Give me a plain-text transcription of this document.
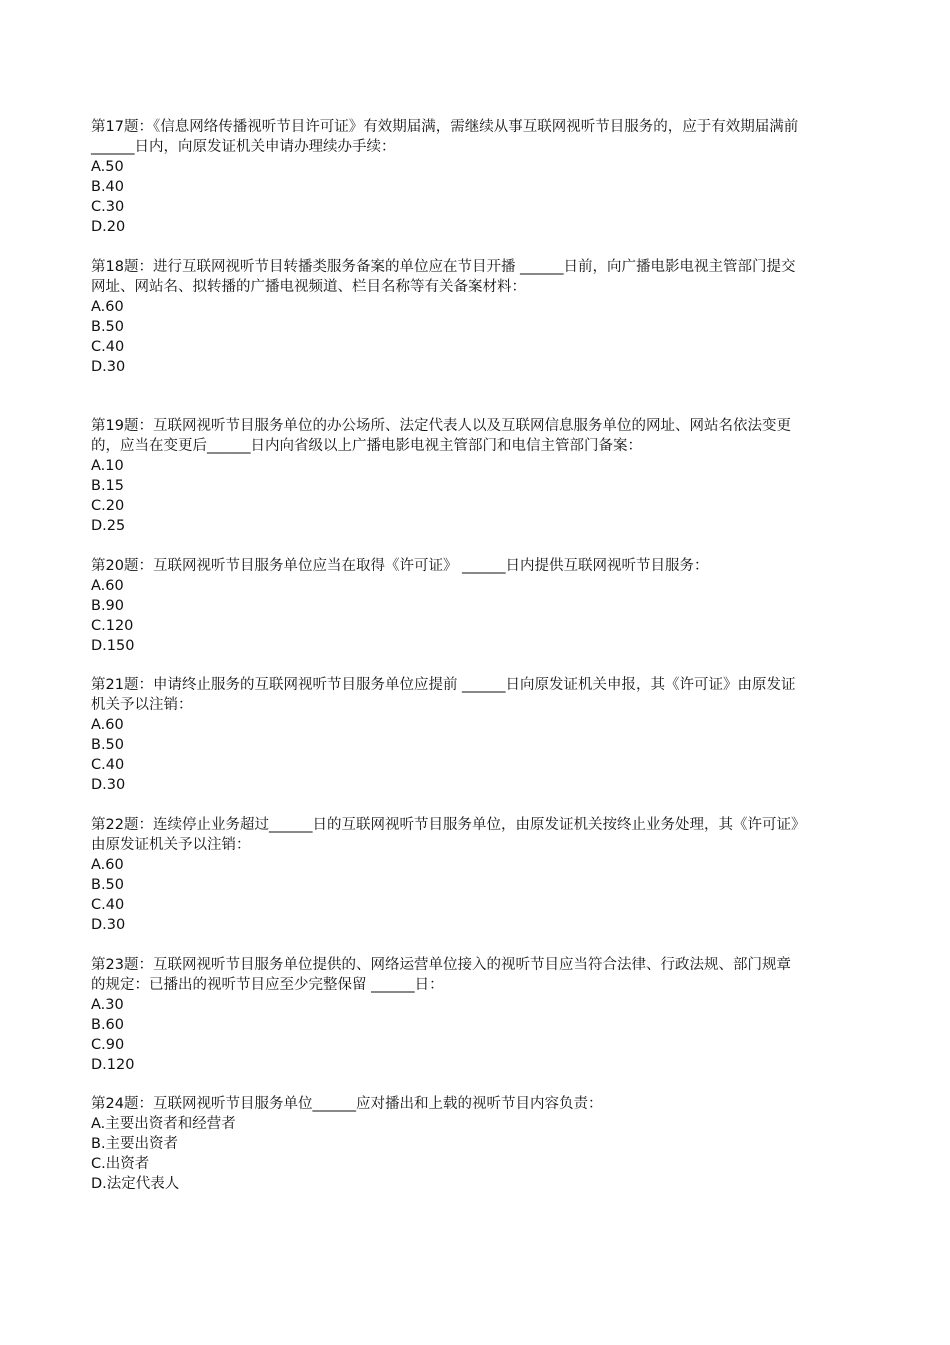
第17题：《信息网络传播视听节目许可证》有效期届满，需继续从事互联网视听节目服务的，应于有效期届满前______日内，向原发证机关申请办理续办手续：
A.50
B.40
C.30
D.20
第18题：进行互联网视听节目转播类服务备案的单位应在节目开播 ______日前，向广播电影电视主管部门提交网址、网站名、拟转播的广播电视频道、栏目名称等有关备案材料：
A.60
B.50
C.40
D.30
第19题：互联网视听节目服务单位的办公场所、法定代表人以及互联网信息服务单位的网址、网站名依法变更的，应当在变更后______日内向省级以上广播电影电视主管部门和电信主管部门备案：
A.10
B.15
C.20
D.25
第20题：互联网视听节目服务单位应当在取得《许可证》 ______日内提供互联网视听节目服务：
A.60
B.90
C.120
D.150
第21题：申请终止服务的互联网视听节目服务单位应提前 ______日向原发证机关申报，其《许可证》由原发证机关予以注销：
A.60
B.50
C.40
D.30
第22题：连续停止业务超过______日的互联网视听节目服务单位，由原发证机关按终止业务处理，其《许可证》由原发证机关予以注销：
A.60
B.50
C.40
D.30
第23题：互联网视听节目服务单位提供的、网络运营单位接入的视听节目应当符合法律、行政法规、部门规章的规定：已播出的视听节目应至少完整保留 ______日：
A.30
B.60
C.90
D.120
第24题：互联网视听节目服务单位______应对播出和上载的视听节目内容负责：
A.主要出资者和经营者
B.主要出资者
C.出资者
D.法定代表人
